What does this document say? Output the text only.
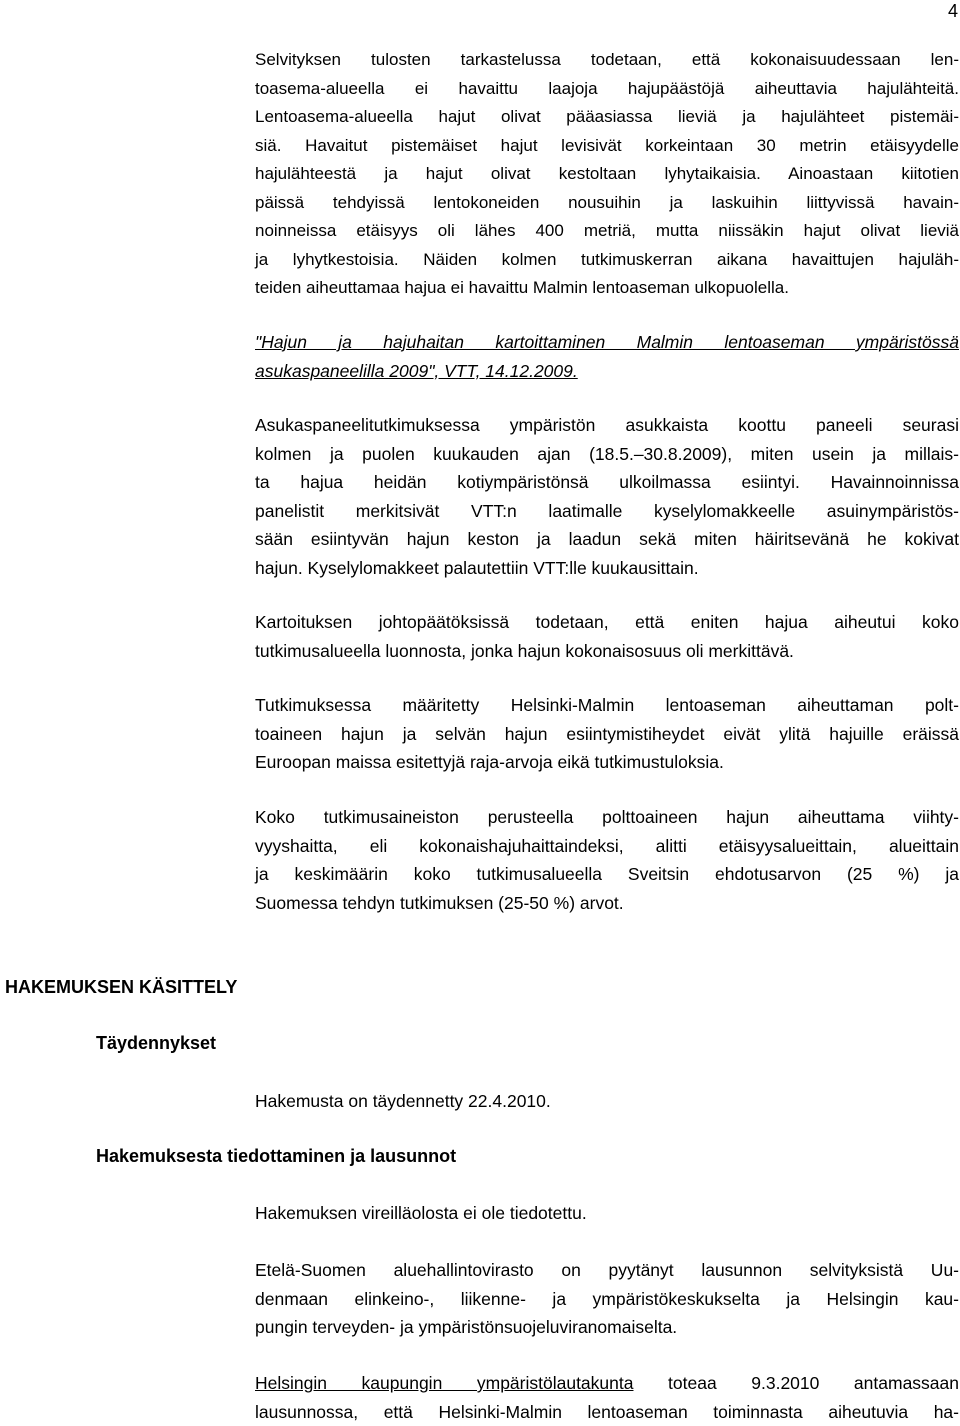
4
Selvityksen tulosten tarkastelussa todetaan, että kokonaisuudessaan len-
toasema-alueella ei havaittu laajoja hajupäästöjä aiheuttavia hajulähteitä.
Lentoasema-alueella hajut olivat pääasiassa lieviä ja hajulähteet pistemäi-
siä. Havaitut pistemäiset hajut levisivät korkeintaan 30 metrin etäisyydelle
hajulähteestä ja hajut olivat kestoltaan lyhytaikaisia. Ainoastaan kiitotien
päissä tehdyissä lentokoneiden nousuihin ja laskuihin liittyvissä havain-
noinneissa etäisyys oli lähes 400 metriä, mutta niissäkin hajut olivat lieviä
ja lyhytkestoisia. Näiden kolmen tutkimuskerran aikana havaittujen hajuläh-
teiden aiheuttamaa hajua ei havaittu Malmin lentoaseman ulkopuolella.
"Hajun ja hajuhaitan kartoittaminen Malmin lentoaseman ympäristössä
asukaspaneelilla 2009", VTT, 14.12.2009.
Asukaspaneelitutkimuksessa ympäristön asukkaista koottu paneeli seurasi
kolmen ja puolen kuukauden ajan (18.5.–30.8.2009), miten usein ja millais-
ta hajua heidän kotiympäristönsä ulkoilmassa esiintyi. Havainnoinnissa
panelistit merkitsivät VTT:n laatimalle kyselylomakkeelle asuinympäristös-
sään esiintyvän hajun keston ja laadun sekä miten häiritsevänä he kokivat
hajun. Kyselylomakkeet palautettiin VTT:lle kuukausittain.
Kartoituksen johtopäätöksissä todetaan, että eniten hajua aiheutui koko
tutkimusalueella luonnosta, jonka hajun kokonaisosuus oli merkittävä.
Tutkimuksessa määritetty Helsinki-Malmin lentoaseman aiheuttaman polt-
toaineen hajun ja selvän hajun esiintymistiheydet eivät ylitä hajuille eräissä
Euroopan maissa esitettyjä raja-arvoja eikä tutkimustuloksia.
Koko tutkimusaineiston perusteella polttoaineen hajun aiheuttama viihty-
vyyshaitta, eli kokonaishajuhaittaindeksi, alitti etäisyysalueittain, alueittain
ja keskimäärin koko tutkimusalueella Sveitsin ehdotusarvon (25 %) ja
Suomessa tehdyn tutkimuksen (25-50 %) arvot.
HAKEMUKSEN KÄSITTELY
Täydennykset
Hakemusta on täydennetty 22.4.2010.
Hakemuksesta tiedottaminen ja lausunnot
Hakemuksen vireilläolosta ei ole tiedotettu.
Etelä-Suomen aluehallintovirasto on pyytänyt lausunnon selvityksistä Uu-
denmaan elinkeino-, liikenne- ja ympäristökeskukselta ja Helsingin kau-
pungin terveyden- ja ympäristönsuojeluviranomaiselta.
Helsingin kaupungin ympäristölautakunta toteaa 9.3.2010 antamassaan
lausunnossa, että Helsinki-Malmin lentoaseman toiminnasta aiheutuvia ha-
